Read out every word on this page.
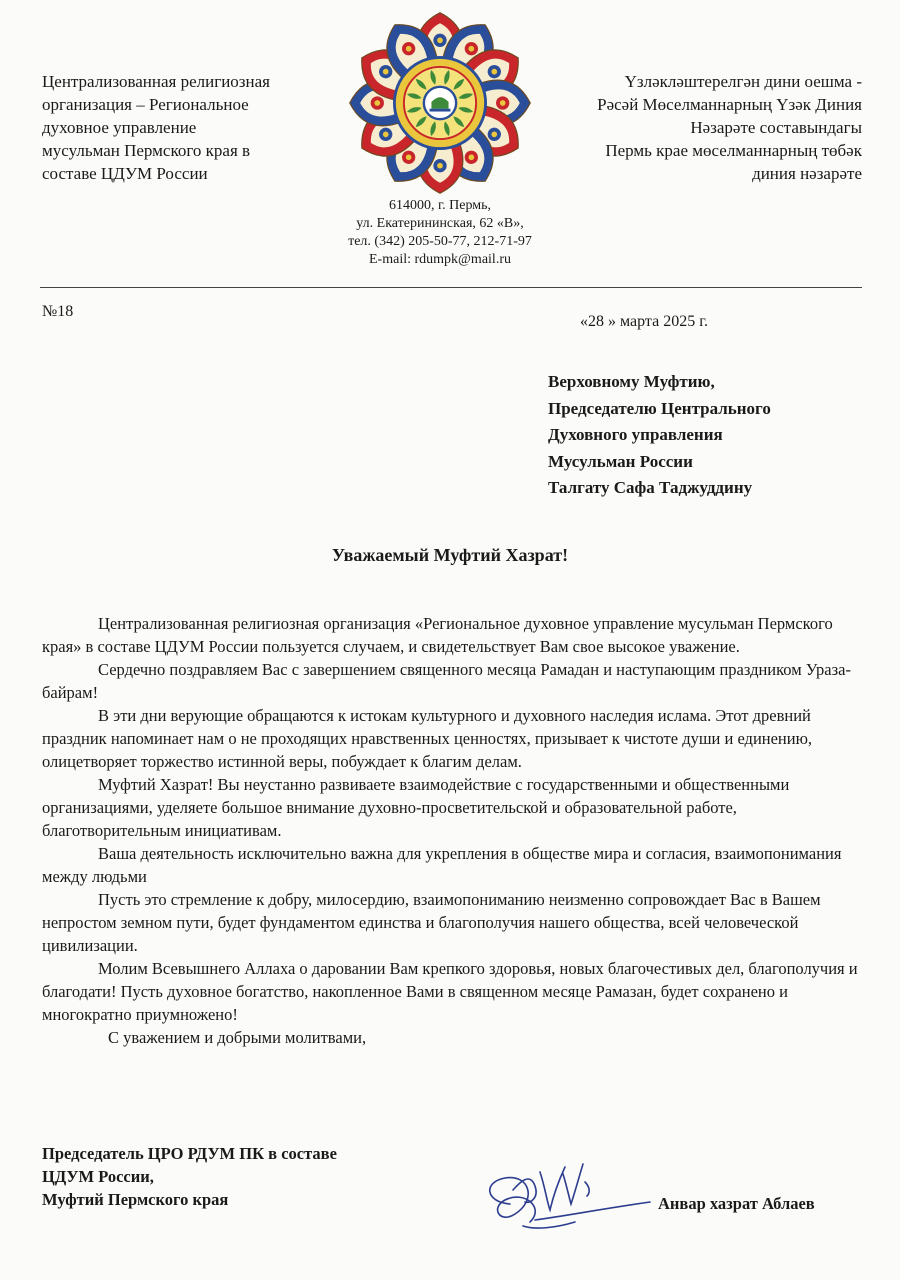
Централизованная религиозная
организация – Региональное
духовное управление
мусульман Пермского края в
составе ЦДУМ России
Үзләкләштерелгән дини оешма -
Рәсәй Мөселманнарның Үзәк Диния
Нәзарәте составындагы
Пермь крае мөселманнарның төбәк
диния нәзарәте
614000, г. Пермь,
ул. Екатерининская, 62 «В»,
тел. (342) 205-50-77, 212-71-97
E-mail: rdumpk@mail.ru
№18
«28 » марта 2025 г.
Верховному Муфтию,
Председателю Центрального
Духовного управления
Мусульман России
Талгату Сафа Таджуддину
Уважаемый Муфтий Хазрат!

Централизованная религиозная организация «Региональное духовное управление мусульман Пермского края» в составе ЦДУМ России пользуется случаем, и свидетельствует Вам свое высокое уважение.

Сердечно поздравляем Вас с завершением священного месяца Рамадан и наступающим праздником Ураза-байрам!

В эти дни верующие обращаются к истокам культурного и духовного наследия ислама. Этот древний праздник напоминает нам о не проходящих нравственных ценностях, призывает к чистоте души и единению, олицетворяет торжество истинной веры, побуждает к благим делам.

Муфтий Хазрат! Вы неустанно развиваете взаимодействие с государственными и общественными организациями, уделяете большое внимание духовно-просветительской и образовательной работе, благотворительным инициативам.

Ваша деятельность исключительно важна для укрепления в обществе мира и согласия, взаимопонимания между людьми

Пусть это стремление к добру, милосердию, взаимопониманию неизменно сопровождает Вас в Вашем непростом земном пути, будет фундаментом единства и благополучия нашего общества, всей человеческой цивилизации.

Молим Всевышнего Аллаха о даровании Вам крепкого здоровья, новых благочестивых дел, благополучия и благодати! Пусть духовное богатство, накопленное Вами в священном месяце Рамазан, будет сохранено и многократно приумножено!

С уважением и добрыми молитвами,

Председатель ЦРО РДУМ ПК в составе
ЦДУМ России,
Муфтий Пермского края	Анвар хазрат Аблаев
